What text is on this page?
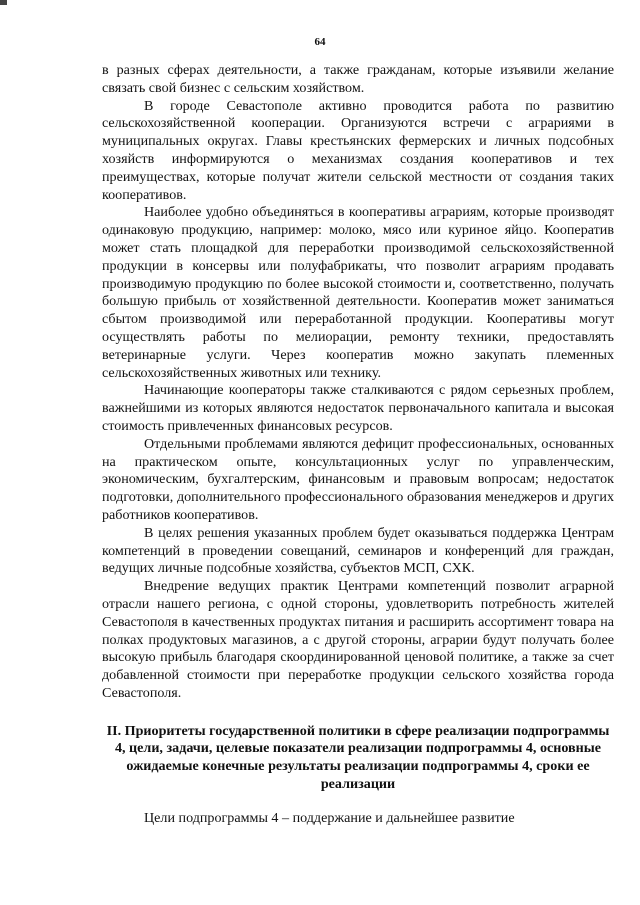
64

в разных сферах деятельности, а также гражданам, которые изъявили желание связать свой бизнес с сельским хозяйством.

В городе Севастополе активно проводится работа по развитию сельскохозяйственной кооперации. Организуются встречи с аграриями в муниципальных округах. Главы крестьянских фермерских и личных подсобных хозяйств информируются о механизмах создания кооперативов и тех преимуществах, которые получат жители сельской местности от создания таких кооперативов.

Наиболее удобно объединяться в кооперативы аграриям, которые производят одинаковую продукцию, например: молоко, мясо или куриное яйцо. Кооператив может стать площадкой для переработки производимой сельскохозяйственной продукции в консервы или полуфабрикаты, что позволит аграриям продавать производимую продукцию по более высокой стоимости и, соответственно, получать большую прибыль от хозяйственной деятельности. Кооператив может заниматься сбытом производимой или переработанной продукции. Кооперативы могут осуществлять работы по мелиорации, ремонту техники, предоставлять ветеринарные услуги. Через кооператив можно закупать племенных сельскохозяйственных животных или технику.

Начинающие кооператоры также сталкиваются с рядом серьезных проблем, важнейшими из которых являются недостаток первоначального капитала и высокая стоимость привлеченных финансовых ресурсов.

Отдельными проблемами являются дефицит профессиональных, основанных на практическом опыте, консультационных услуг по управленческим, экономическим, бухгалтерским, финансовым и правовым вопросам; недостаток подготовки, дополнительного профессионального образования менеджеров и других работников кооперативов.

В целях решения указанных проблем будет оказываться поддержка Центрам компетенций в проведении совещаний, семинаров и конференций для граждан, ведущих личные подсобные хозяйства, субъектов МСП, СХК.

Внедрение ведущих практик Центрами компетенций позволит аграрной отрасли нашего региона, с одной стороны, удовлетворить потребность жителей Севастополя в качественных продуктах питания и расширить ассортимент товара на полках продуктовых магазинов, а с другой стороны, аграрии будут получать более высокую прибыль благодаря скоординированной ценовой политике, а также за счет добавленной стоимости при переработке продукции сельского хозяйства города Севастополя.

II. Приоритеты государственной политики в сфере реализации подпрограммы 4, цели, задачи, целевые показатели реализации подпрограммы 4, основные ожидаемые конечные результаты реализации подпрограммы 4, сроки ее реализации

Цели подпрограммы 4 – поддержание и дальнейшее развитие
